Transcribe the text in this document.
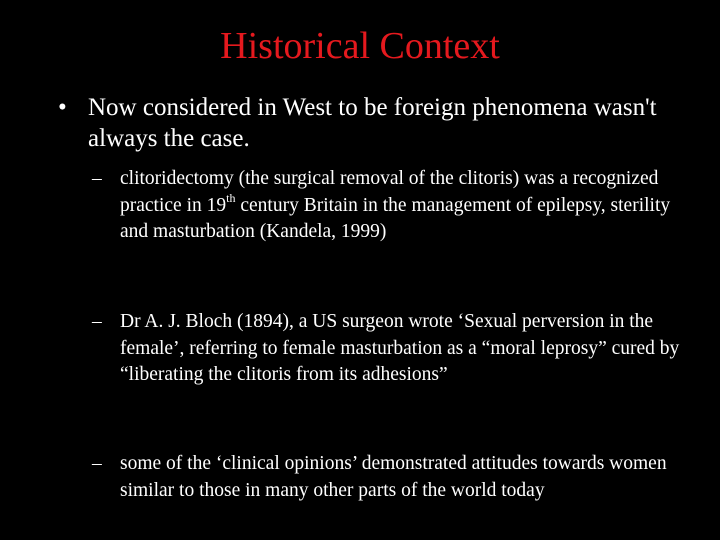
Historical Context
• Now considered in West to be foreign phenomena wasn't always the case.
– clitoridectomy (the surgical removal of the clitoris) was a recognized practice in 19th century Britain in the management of epilepsy, sterility and masturbation (Kandela, 1999)
– Dr A. J. Bloch (1894), a US surgeon wrote ‘Sexual perversion in the female’, referring to female masturbation as a “moral leprosy” cured by “liberating the clitoris from its adhesions”
– some of the ‘clinical opinions’ demonstrated attitudes towards women similar to those in many other parts of the world today
